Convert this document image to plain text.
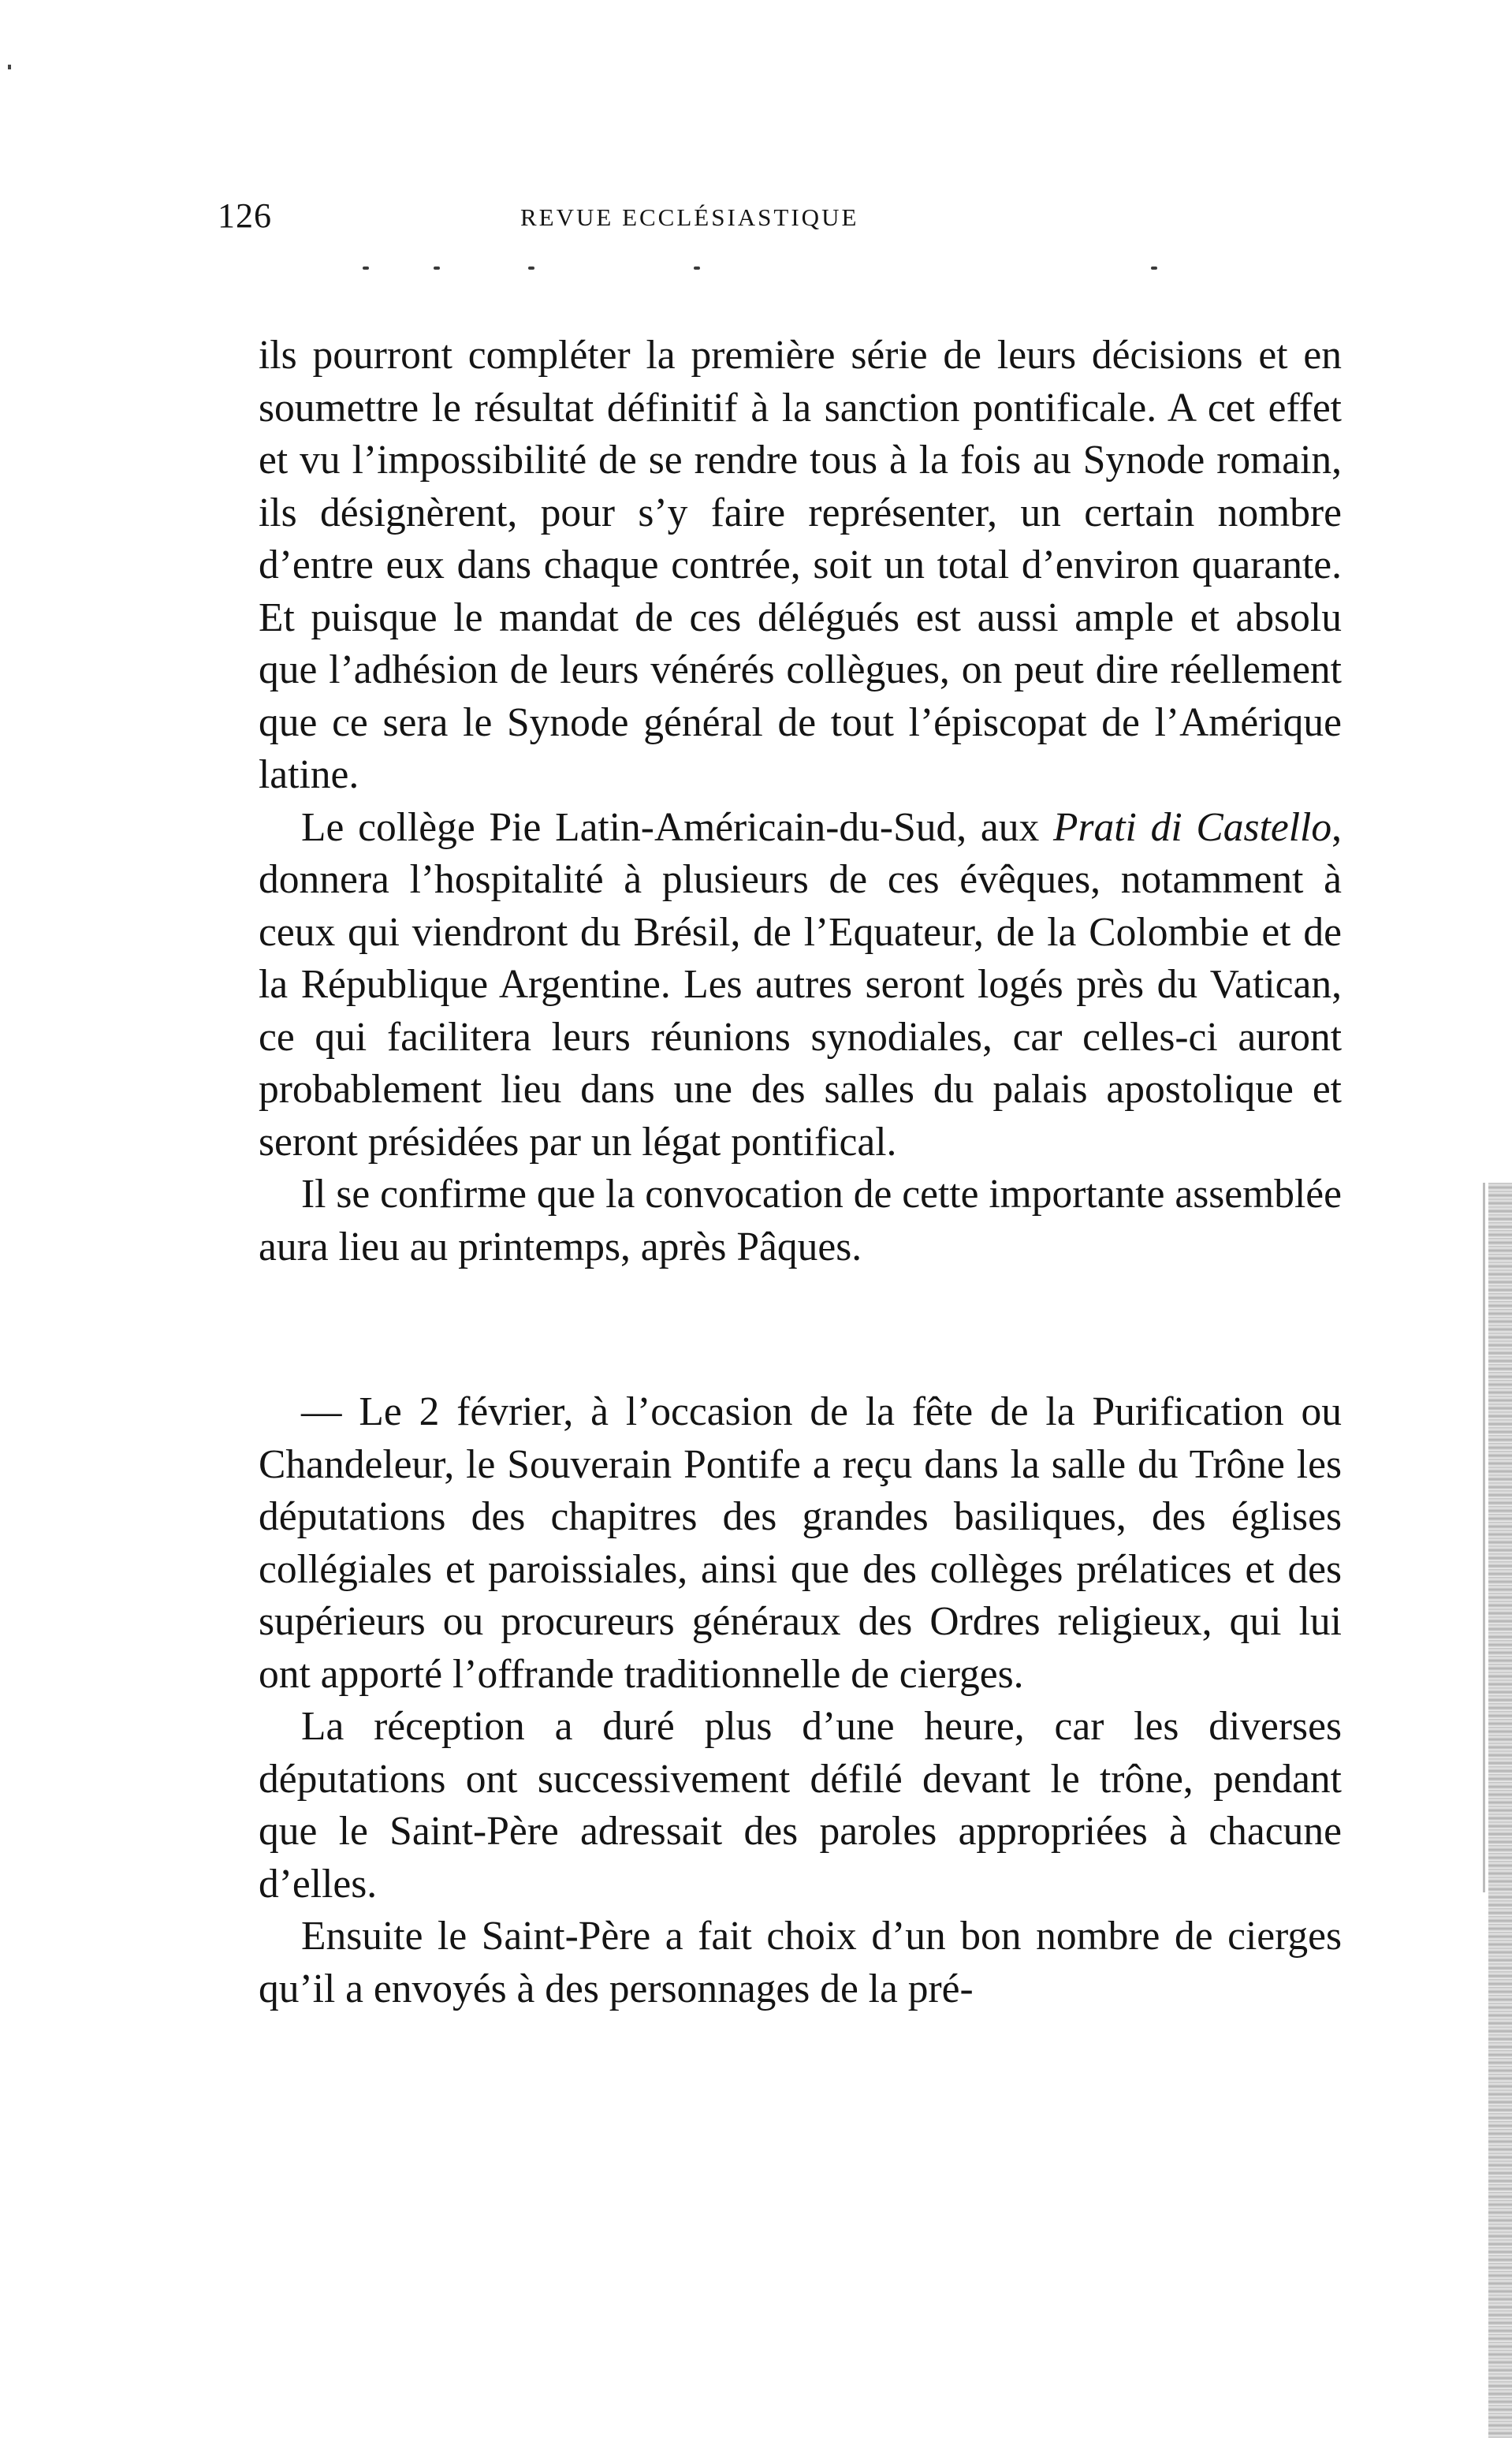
126	REVUE ECCLÉSIASTIQUE

ils pourront compléter la première série de leurs décisions et en soumettre le résultat définitif à la sanction pontificale. A cet effet et vu l’impossibilité de se rendre tous à la fois au Synode romain, ils désignèrent, pour s’y faire représenter, un certain nombre d’entre eux dans chaque contrée, soit un total d’environ quarante. Et puisque le mandat de ces délégués est aussi ample et absolu que l’adhésion de leurs vénérés collègues, on peut dire réellement que ce sera le Synode général de tout l’épiscopat de l’Amérique latine.

Le collège Pie Latin-Américain-du-Sud, aux Prati di Castello, donnera l’hospitalité à plusieurs de ces évêques, notamment à ceux qui viendront du Brésil, de l’Equateur, de la Colombie et de la République Argentine. Les autres seront logés près du Vatican, ce qui facilitera leurs réunions synodiales, car celles-ci auront probablement lieu dans une des salles du palais apostolique et seront présidées par un légat pontifical.

Il se confirme que la convocation de cette importante assemblée aura lieu au printemps, après Pâques.

— Le 2 février, à l’occasion de la fête de la Purification ou Chandeleur, le Souverain Pontife a reçu dans la salle du Trône les députations des chapitres des grandes basiliques, des églises collégiales et paroissiales, ainsi que des collèges prélatices et des supérieurs ou procureurs généraux des Ordres religieux, qui lui ont apporté l’offrande traditionnelle de cierges.

La réception a duré plus d’une heure, car les diverses députations ont successivement défilé devant le trône, pendant que le Saint-Père adressait des paroles appropriées à chacune d’elles.

Ensuite le Saint-Père a fait choix d’un bon nombre de cierges qu’il a envoyés à des personnages de la pré-
